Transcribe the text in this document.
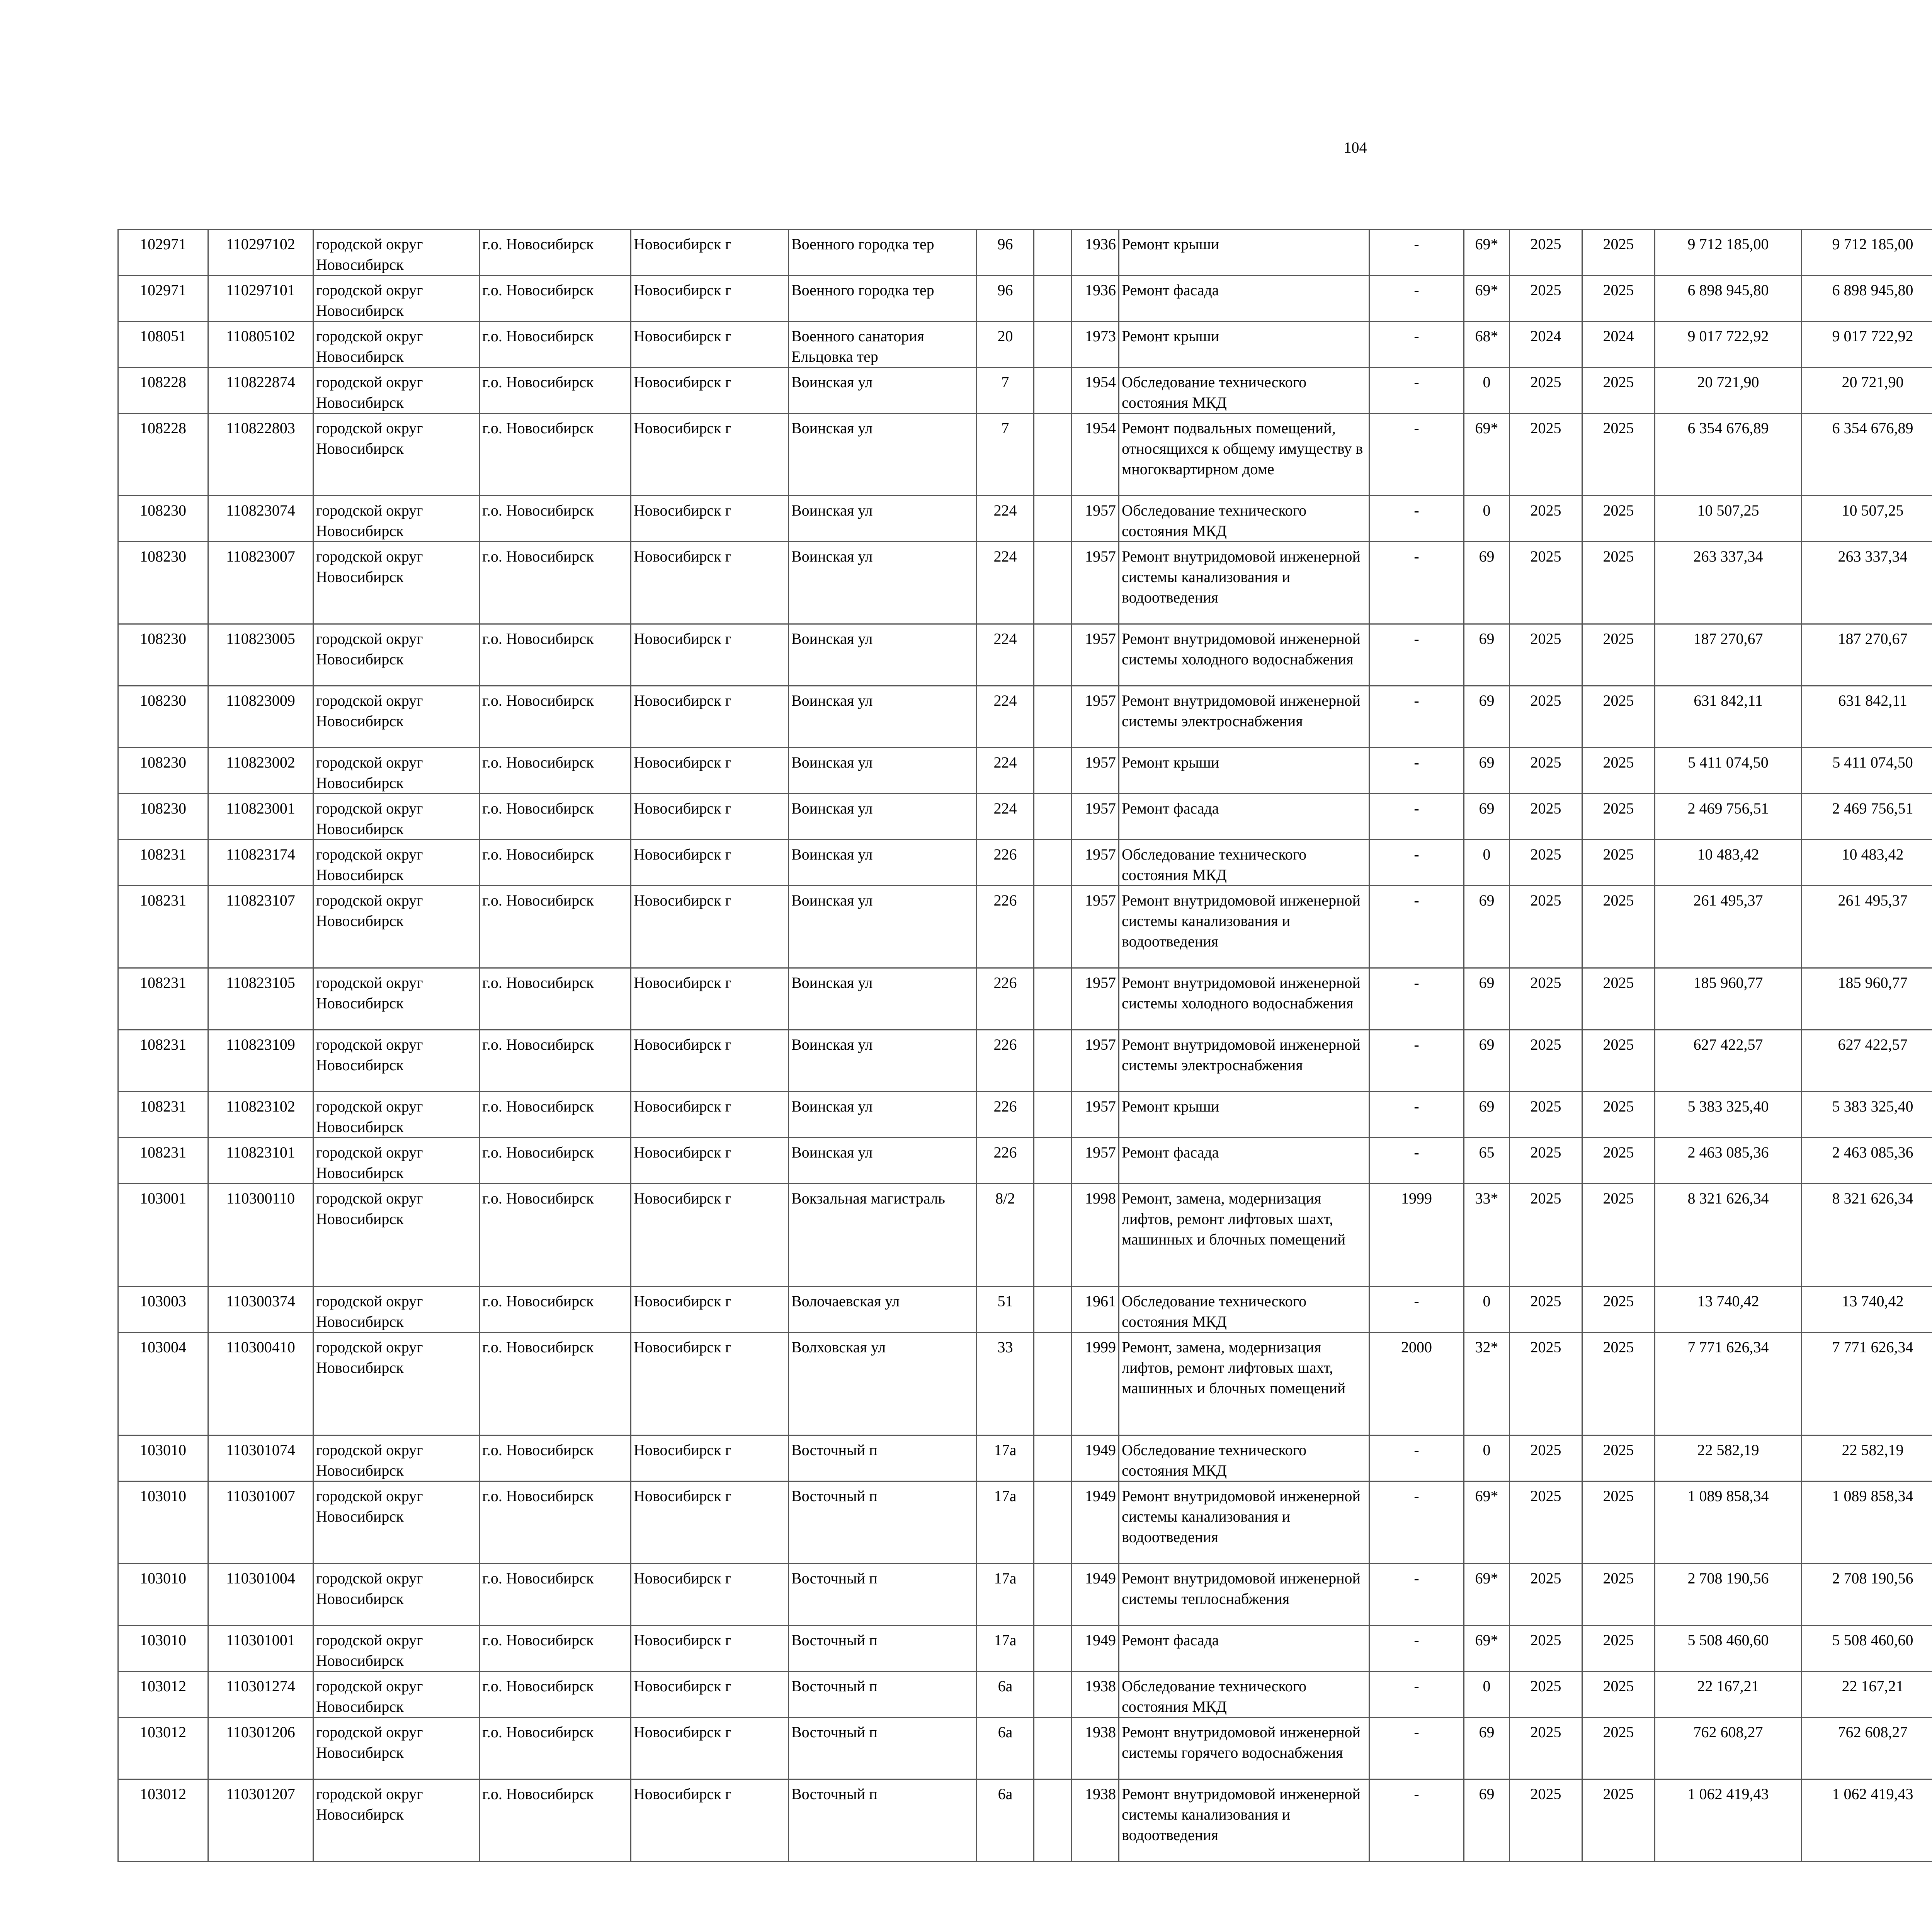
104
102971	110297102	городской округ Новосибирск	г.о. Новосибирск	Новосибирск г	Военного городка тер	96		1936	Ремонт крыши	-	69*	2025	2025	9 712 185,00	9 712 185,00						
102971	110297101	городской округ Новосибирск	г.о. Новосибирск	Новосибирск г	Военного городка тер	96		1936	Ремонт фасада	-	69*	2025	2025	6 898 945,80	6 898 945,80						
108051	110805102	городской округ Новосибирск	г.о. Новосибирск	Новосибирск г	Военного санатория Ельцовка тер	20		1973	Ремонт крыши	-	68*	2024	2024	9 017 722,92	9 017 722,92						
108228	110822874	городской округ Новосибирск	г.о. Новосибирск	Новосибирск г	Воинская ул	7		1954	Обследование технического состояния МКД	-	0	2025	2025	20 721,90	20 721,90						
108228	110822803	городской округ Новосибирск	г.о. Новосибирск	Новосибирск г	Воинская ул	7		1954	Ремонт подвальных помещений, относящихся к общему имуществу в многоквартирном доме	-	69*	2025	2025	6 354 676,89	6 354 676,89						
108230	110823074	городской округ Новосибирск	г.о. Новосибирск	Новосибирск г	Воинская ул	224		1957	Обследование технического состояния МКД	-	0	2025	2025	10 507,25	10 507,25						
108230	110823007	городской округ Новосибирск	г.о. Новосибирск	Новосибирск г	Воинская ул	224		1957	Ремонт внутридомовой инженерной системы канализования и водоотведения	-	69	2025	2025	263 337,34	263 337,34						
108230	110823005	городской округ Новосибирск	г.о. Новосибирск	Новосибирск г	Воинская ул	224		1957	Ремонт внутридомовой инженерной системы холодного водоснабжения	-	69	2025	2025	187 270,67	187 270,67						
108230	110823009	городской округ Новосибирск	г.о. Новосибирск	Новосибирск г	Воинская ул	224		1957	Ремонт внутридомовой инженерной системы электроснабжения	-	69	2025	2025	631 842,11	631 842,11						
108230	110823002	городской округ Новосибирск	г.о. Новосибирск	Новосибирск г	Воинская ул	224		1957	Ремонт крыши	-	69	2025	2025	5 411 074,50	5 411 074,50						
108230	110823001	городской округ Новосибирск	г.о. Новосибирск	Новосибирск г	Воинская ул	224		1957	Ремонт фасада	-	69	2025	2025	2 469 756,51	2 469 756,51						
108231	110823174	городской округ Новосибирск	г.о. Новосибирск	Новосибирск г	Воинская ул	226		1957	Обследование технического состояния МКД	-	0	2025	2025	10 483,42	10 483,42						
108231	110823107	городской округ Новосибирск	г.о. Новосибирск	Новосибирск г	Воинская ул	226		1957	Ремонт внутридомовой инженерной системы канализования и водоотведения	-	69	2025	2025	261 495,37	261 495,37						
108231	110823105	городской округ Новосибирск	г.о. Новосибирск	Новосибирск г	Воинская ул	226		1957	Ремонт внутридомовой инженерной системы холодного водоснабжения	-	69	2025	2025	185 960,77	185 960,77						
108231	110823109	городской округ Новосибирск	г.о. Новосибирск	Новосибирск г	Воинская ул	226		1957	Ремонт внутридомовой инженерной системы электроснабжения	-	69	2025	2025	627 422,57	627 422,57						
108231	110823102	городской округ Новосибирск	г.о. Новосибирск	Новосибирск г	Воинская ул	226		1957	Ремонт крыши	-	69	2025	2025	5 383 325,40	5 383 325,40						
108231	110823101	городской округ Новосибирск	г.о. Новосибирск	Новосибирск г	Воинская ул	226		1957	Ремонт фасада	-	65	2025	2025	2 463 085,36	2 463 085,36						
103001	110300110	городской округ Новосибирск	г.о. Новосибирск	Новосибирск г	Вокзальная магистраль	8/2		1998	Ремонт, замена, модернизация лифтов, ремонт лифтовых шахт, машинных и блочных помещений	1999	33*	2025	2025	8 321 626,34	8 321 626,34						
103003	110300374	городской округ Новосибирск	г.о. Новосибирск	Новосибирск г	Волочаевская ул	51		1961	Обследование технического состояния МКД	-	0	2025	2025	13 740,42	13 740,42						
103004	110300410	городской округ Новосибирск	г.о. Новосибирск	Новосибирск г	Волховская ул	33		1999	Ремонт, замена, модернизация лифтов, ремонт лифтовых шахт, машинных и блочных помещений	2000	32*	2025	2025	7 771 626,34	7 771 626,34						
103010	110301074	городской округ Новосибирск	г.о. Новосибирск	Новосибирск г	Восточный п	17а		1949	Обследование технического состояния МКД	-	0	2025	2025	22 582,19	22 582,19						
103010	110301007	городской округ Новосибирск	г.о. Новосибирск	Новосибирск г	Восточный п	17а		1949	Ремонт внутридомовой инженерной системы канализования и водоотведения	-	69*	2025	2025	1 089 858,34	1 089 858,34						
103010	110301004	городской округ Новосибирск	г.о. Новосибирск	Новосибирск г	Восточный п	17а		1949	Ремонт внутридомовой инженерной системы теплоснабжения	-	69*	2025	2025	2 708 190,56	2 708 190,56						
103010	110301001	городской округ Новосибирск	г.о. Новосибирск	Новосибирск г	Восточный п	17а		1949	Ремонт фасада	-	69*	2025	2025	5 508 460,60	5 508 460,60						
103012	110301274	городской округ Новосибирск	г.о. Новосибирск	Новосибирск г	Восточный п	6а		1938	Обследование технического состояния МКД	-	0	2025	2025	22 167,21	22 167,21						
103012	110301206	городской округ Новосибирск	г.о. Новосибирск	Новосибирск г	Восточный п	6а		1938	Ремонт внутридомовой инженерной системы горячего водоснабжения	-	69	2025	2025	762 608,27	762 608,27						
103012	110301207	городской округ Новосибирск	г.о. Новосибирск	Новосибирск г	Восточный п	6а		1938	Ремонт внутридомовой инженерной системы канализования и водоотведения	-	69	2025	2025	1 062 419,43	1 062 419,43						
